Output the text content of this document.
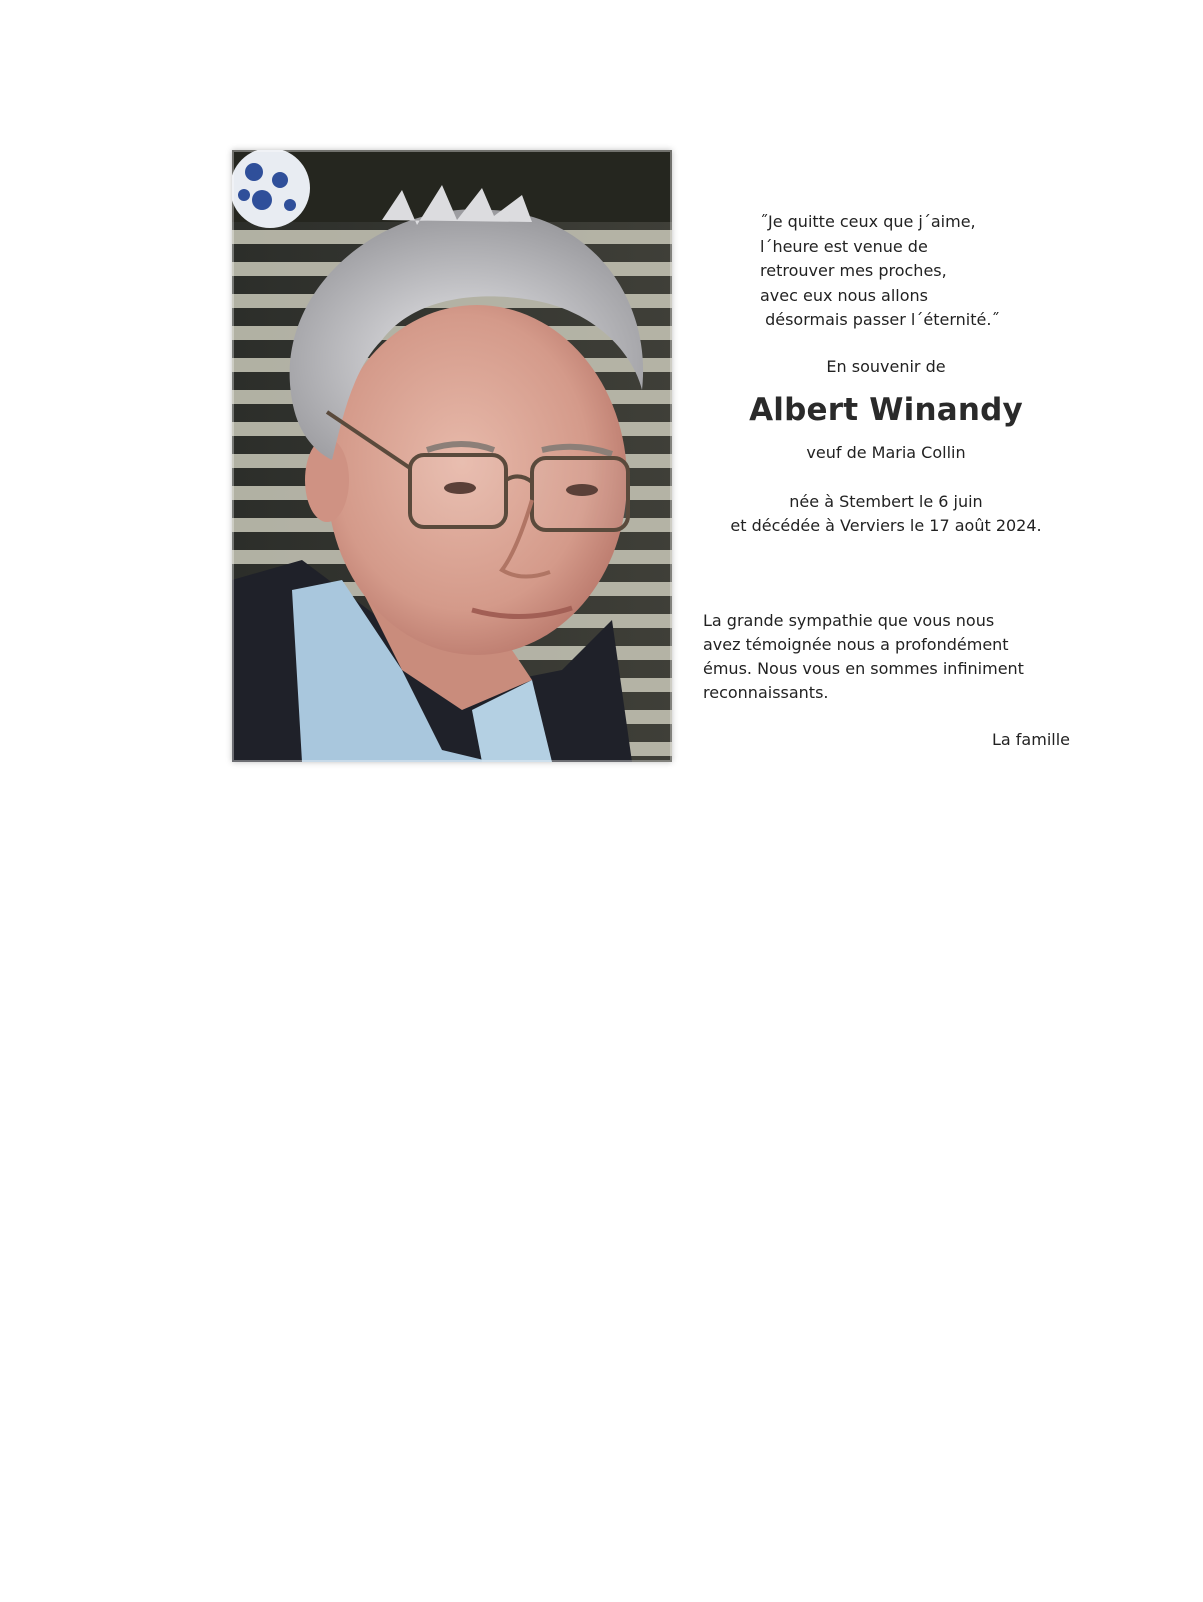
˝Je quitte ceux que j´aime,
l´heure est venue de
retrouver mes proches,
avec eux nous allons
désormais passer l´éternité.˝
En souvenir de
Albert Winandy
veuf de Maria Collin
née à Stembert le 6 juin
et décédée à Verviers le 17 août 2024.
La grande sympathie que vous nous
avez témoignée nous a profondément
émus. Nous vous en sommes infiniment
reconnaissants.
La famille
